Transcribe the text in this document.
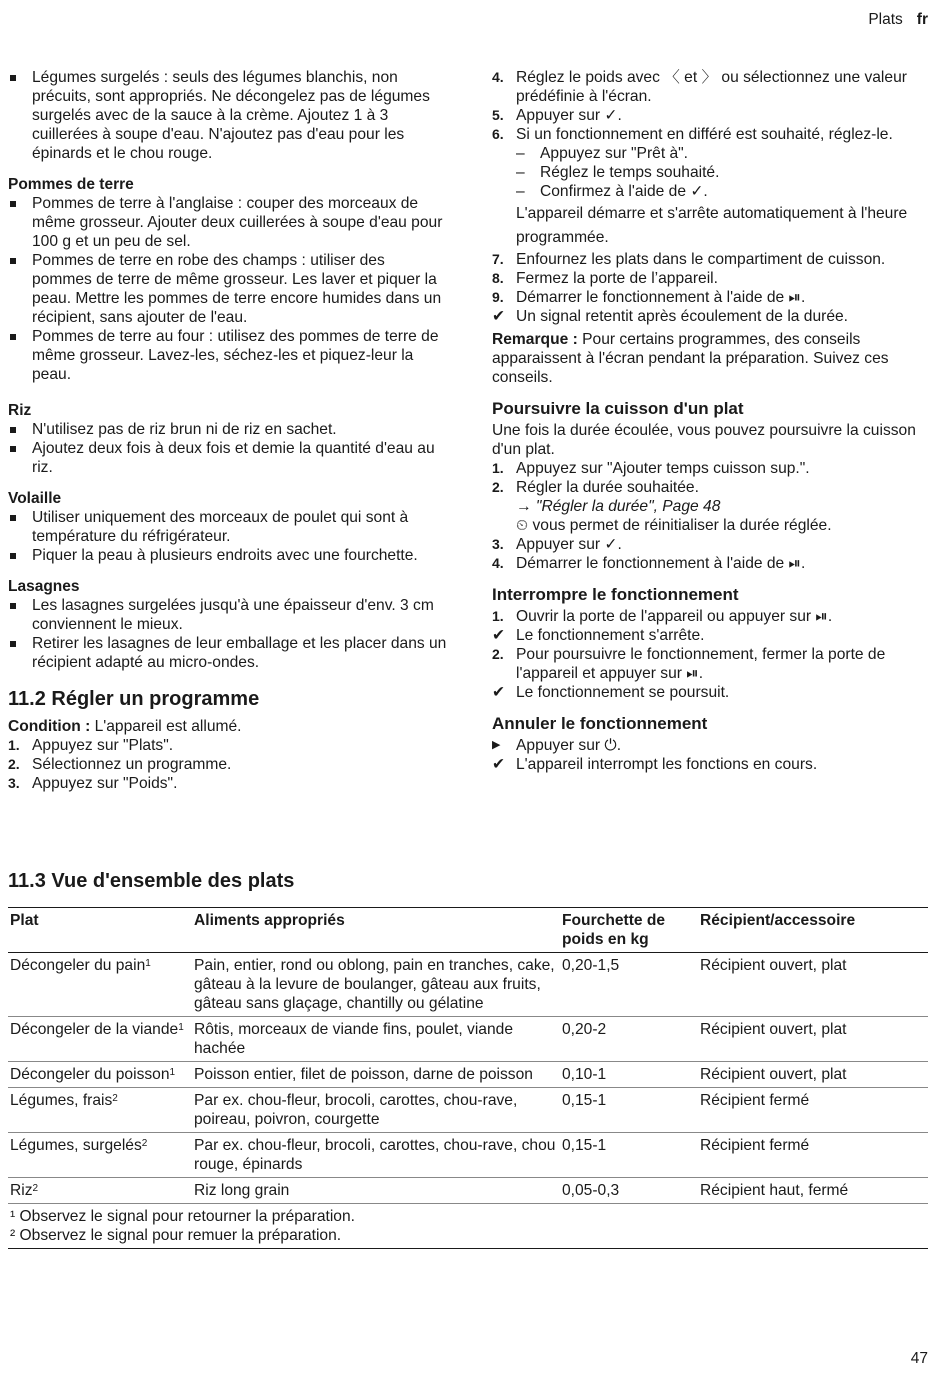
Plats fr

Légumes surgelés : seuls des légumes blanchis, non précuits, sont appropriés. Ne décongelez pas de légumes surgelés avec de la sauce à la crème. Ajoutez 1 à 3 cuillerées à soupe d'eau. N'ajoutez pas d'eau pour les épinards et le chou rouge.

Pommes de terre

Pommes de terre à l'anglaise : couper des morceaux de même grosseur. Ajouter deux cuillerées à soupe d'eau pour 100 g et un peu de sel.

Pommes de terre en robe des champs : utiliser des pommes de terre de même grosseur. Les laver et piquer la peau. Mettre les pommes de terre encore humides dans un récipient, sans ajouter de l'eau.

Pommes de terre au four : utilisez des pommes de terre de même grosseur. Lavez-les, séchez-les et piquez-leur la peau.

Riz

N'utilisez pas de riz brun ni de riz en sachet.

Ajoutez deux fois à deux fois et demie la quantité d'eau au riz.

Volaille

Utiliser uniquement des morceaux de poulet qui sont à température du réfrigérateur.

Piquer la peau à plusieurs endroits avec une fourchette.

Lasagnes

Les lasagnes surgelées jusqu'à une épaisseur d'env. 3 cm conviennent le mieux.

Retirer les lasagnes de leur emballage et les placer dans un récipient adapté au micro-ondes.

11.2 Régler un programme

Condition : L'appareil est allumé.

1. Appuyez sur "Plats".

2. Sélectionnez un programme.

3. Appuyez sur "Poids".

4. Réglez le poids avec 〈 et 〉 ou sélectionnez une valeur prédéfinie à l'écran.

5. Appuyer sur ✓.

6. Si un fonctionnement en différé est souhaité, réglez-le.

– Appuyez sur "Prêt à".

– Réglez le temps souhaité.

– Confirmez à l'aide de ✓.

L'appareil démarre et s'arrête automatiquement à l'heure programmée.

7. Enfournez les plats dans le compartiment de cuisson.

8. Fermez la porte de l’appareil.

9. Démarrer le fonctionnement à l'aide de ⏯.

✔ Un signal retentit après écoulement de la durée.

Remarque : Pour certains programmes, des conseils apparaissent à l'écran pendant la préparation. Suivez ces conseils.

Poursuivre la cuisson d'un plat

Une fois la durée écoulée, vous pouvez poursuivre la cuisson d'un plat.

1. Appuyez sur "Ajouter temps cuisson sup.".

2. Régler la durée souhaitée.

→ "Régler la durée", Page 48

⏲ vous permet de réinitialiser la durée réglée.

3. Appuyer sur ✓.

4. Démarrer le fonctionnement à l'aide de ⏯.

Interrompre le fonctionnement

1. Ouvrir la porte de l'appareil ou appuyer sur ⏯.

✔ Le fonctionnement s'arrête.

2. Pour poursuivre le fonctionnement, fermer la porte de l'appareil et appuyer sur ⏯.

✔ Le fonctionnement se poursuit.

Annuler le fonctionnement

▶ Appuyer sur ⏻.

✔ L'appareil interrompt les fonctions en cours.

11.3 Vue d'ensemble des plats
Plat	Aliments appropriés	Fourchette de poids en kg	Récipient/accessoire
Décongeler du pain$^1$	Pain, entier, rond ou oblong, pain en tranches, cake, gâteau à la levure de boulanger, gâteau aux fruits, gâteau sans glaçage, chantilly ou gélatine	0,20-1,5	Récipient ouvert, plat
Décongeler de la viande$^1$	Rôtis, morceaux de viande fins, poulet, viande hachée	0,20-2	Récipient ouvert, plat
Décongeler du poisson$^1$	Poisson entier, filet de poisson, darne de poisson	0,10-1	Récipient ouvert, plat
Légumes, frais$^2$	Par ex. chou-fleur, brocoli, carottes, chou-rave, poireau, poivron, courgette	0,15-1	Récipient fermé
Légumes, surgelés$^2$	Par ex. chou-fleur, brocoli, carottes, chou-rave, chou rouge, épinards	0,15-1	Récipient fermé
Riz$^2$	Riz long grain	0,05-0,3	Récipient haut, fermé
¹ Observez le signal pour retourner la préparation.			
² Observez le signal pour remuer la préparation.			
47
